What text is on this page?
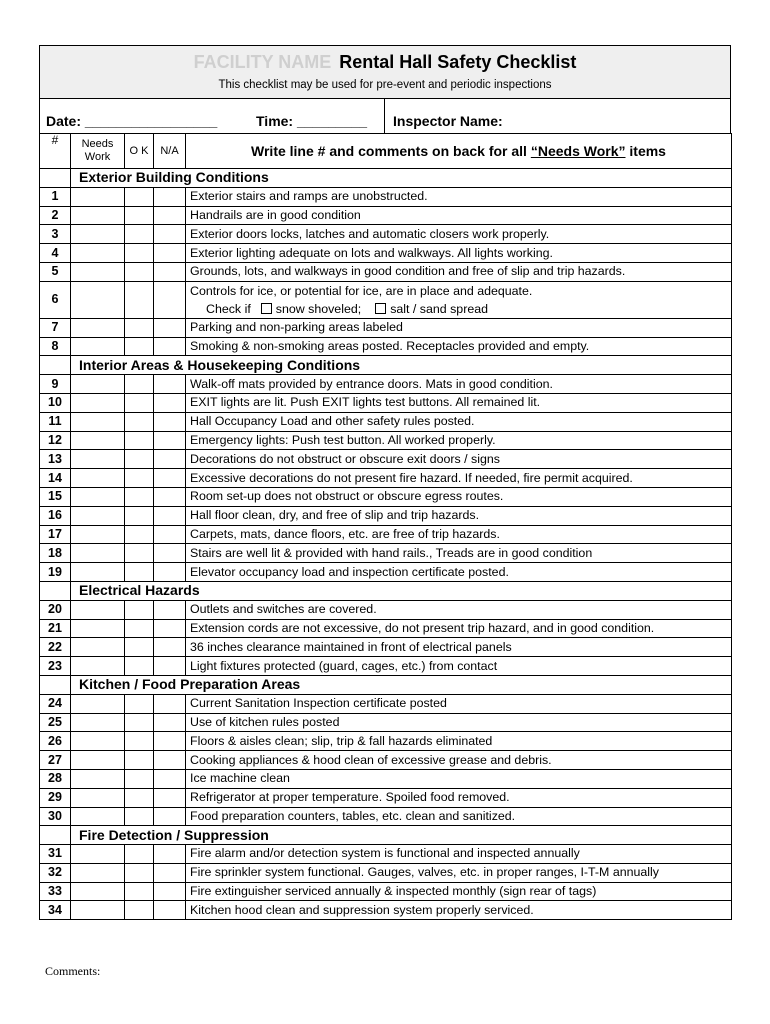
FACILITY NAME Rental Hall Safety Checklist
This checklist may be used for pre-event and periodic inspections
Date: _________________	Time: _________	Inspector Name:
#	Needs Work	O K	N/A	Write line # and comments on back for all “Needs Work” items
	Exterior Building Conditions			
1				Exterior stairs and ramps are unobstructed.
2				Handrails are in good condition
3				Exterior doors locks, latches and automatic closers work properly.
4				Exterior lighting adequate on lots and walkways. All lights working.
5				Grounds, lots, and walkways in good condition and free of slip and trip hazards.
6				Controls for ice, or potential for ice, are in place and adequate.
Check if snow shoveled; salt / sand spread

7				Parking and non-parking areas labeled
8				Smoking & non-smoking areas posted. Receptacles provided and empty.
	Interior Areas & Housekeeping Conditions			
9				Walk-off mats provided by entrance doors. Mats in good condition.
10				EXIT lights are lit. Push EXIT lights test buttons. All remained lit.
11				Hall Occupancy Load and other safety rules posted.
12				Emergency lights: Push test button. All worked properly.
13				Decorations do not obstruct or obscure exit doors / signs
14				Excessive decorations do not present fire hazard. If needed, fire permit acquired.
15				Room set-up does not obstruct or obscure egress routes.
16				Hall floor clean, dry, and free of slip and trip hazards.
17				Carpets, mats, dance floors, etc. are free of trip hazards.
18				Stairs are well lit & provided with hand rails., Treads are in good condition
19				Elevator occupancy load and inspection certificate posted.
	Electrical Hazards			
20				Outlets and switches are covered.
21				Extension cords are not excessive, do not present trip hazard, and in good condition.
22				36 inches clearance maintained in front of electrical panels
23				Light fixtures protected (guard, cages, etc.) from contact
	Kitchen / Food Preparation Areas			
24				Current Sanitation Inspection certificate posted
25				Use of kitchen rules posted
26				Floors & aisles clean; slip, trip & fall hazards eliminated
27				Cooking appliances & hood clean of excessive grease and debris.
28				Ice machine clean
29				Refrigerator at proper temperature. Spoiled food removed.
30				Food preparation counters, tables, etc. clean and sanitized.
	Fire Detection / Suppression			
31				Fire alarm and/or detection system is functional and inspected annually
32				Fire sprinkler system functional. Gauges, valves, etc. in proper ranges, I-T-M annually
33				Fire extinguisher serviced annually & inspected monthly (sign rear of tags)
34				Kitchen hood clean and suppression system properly serviced.
Comments:
